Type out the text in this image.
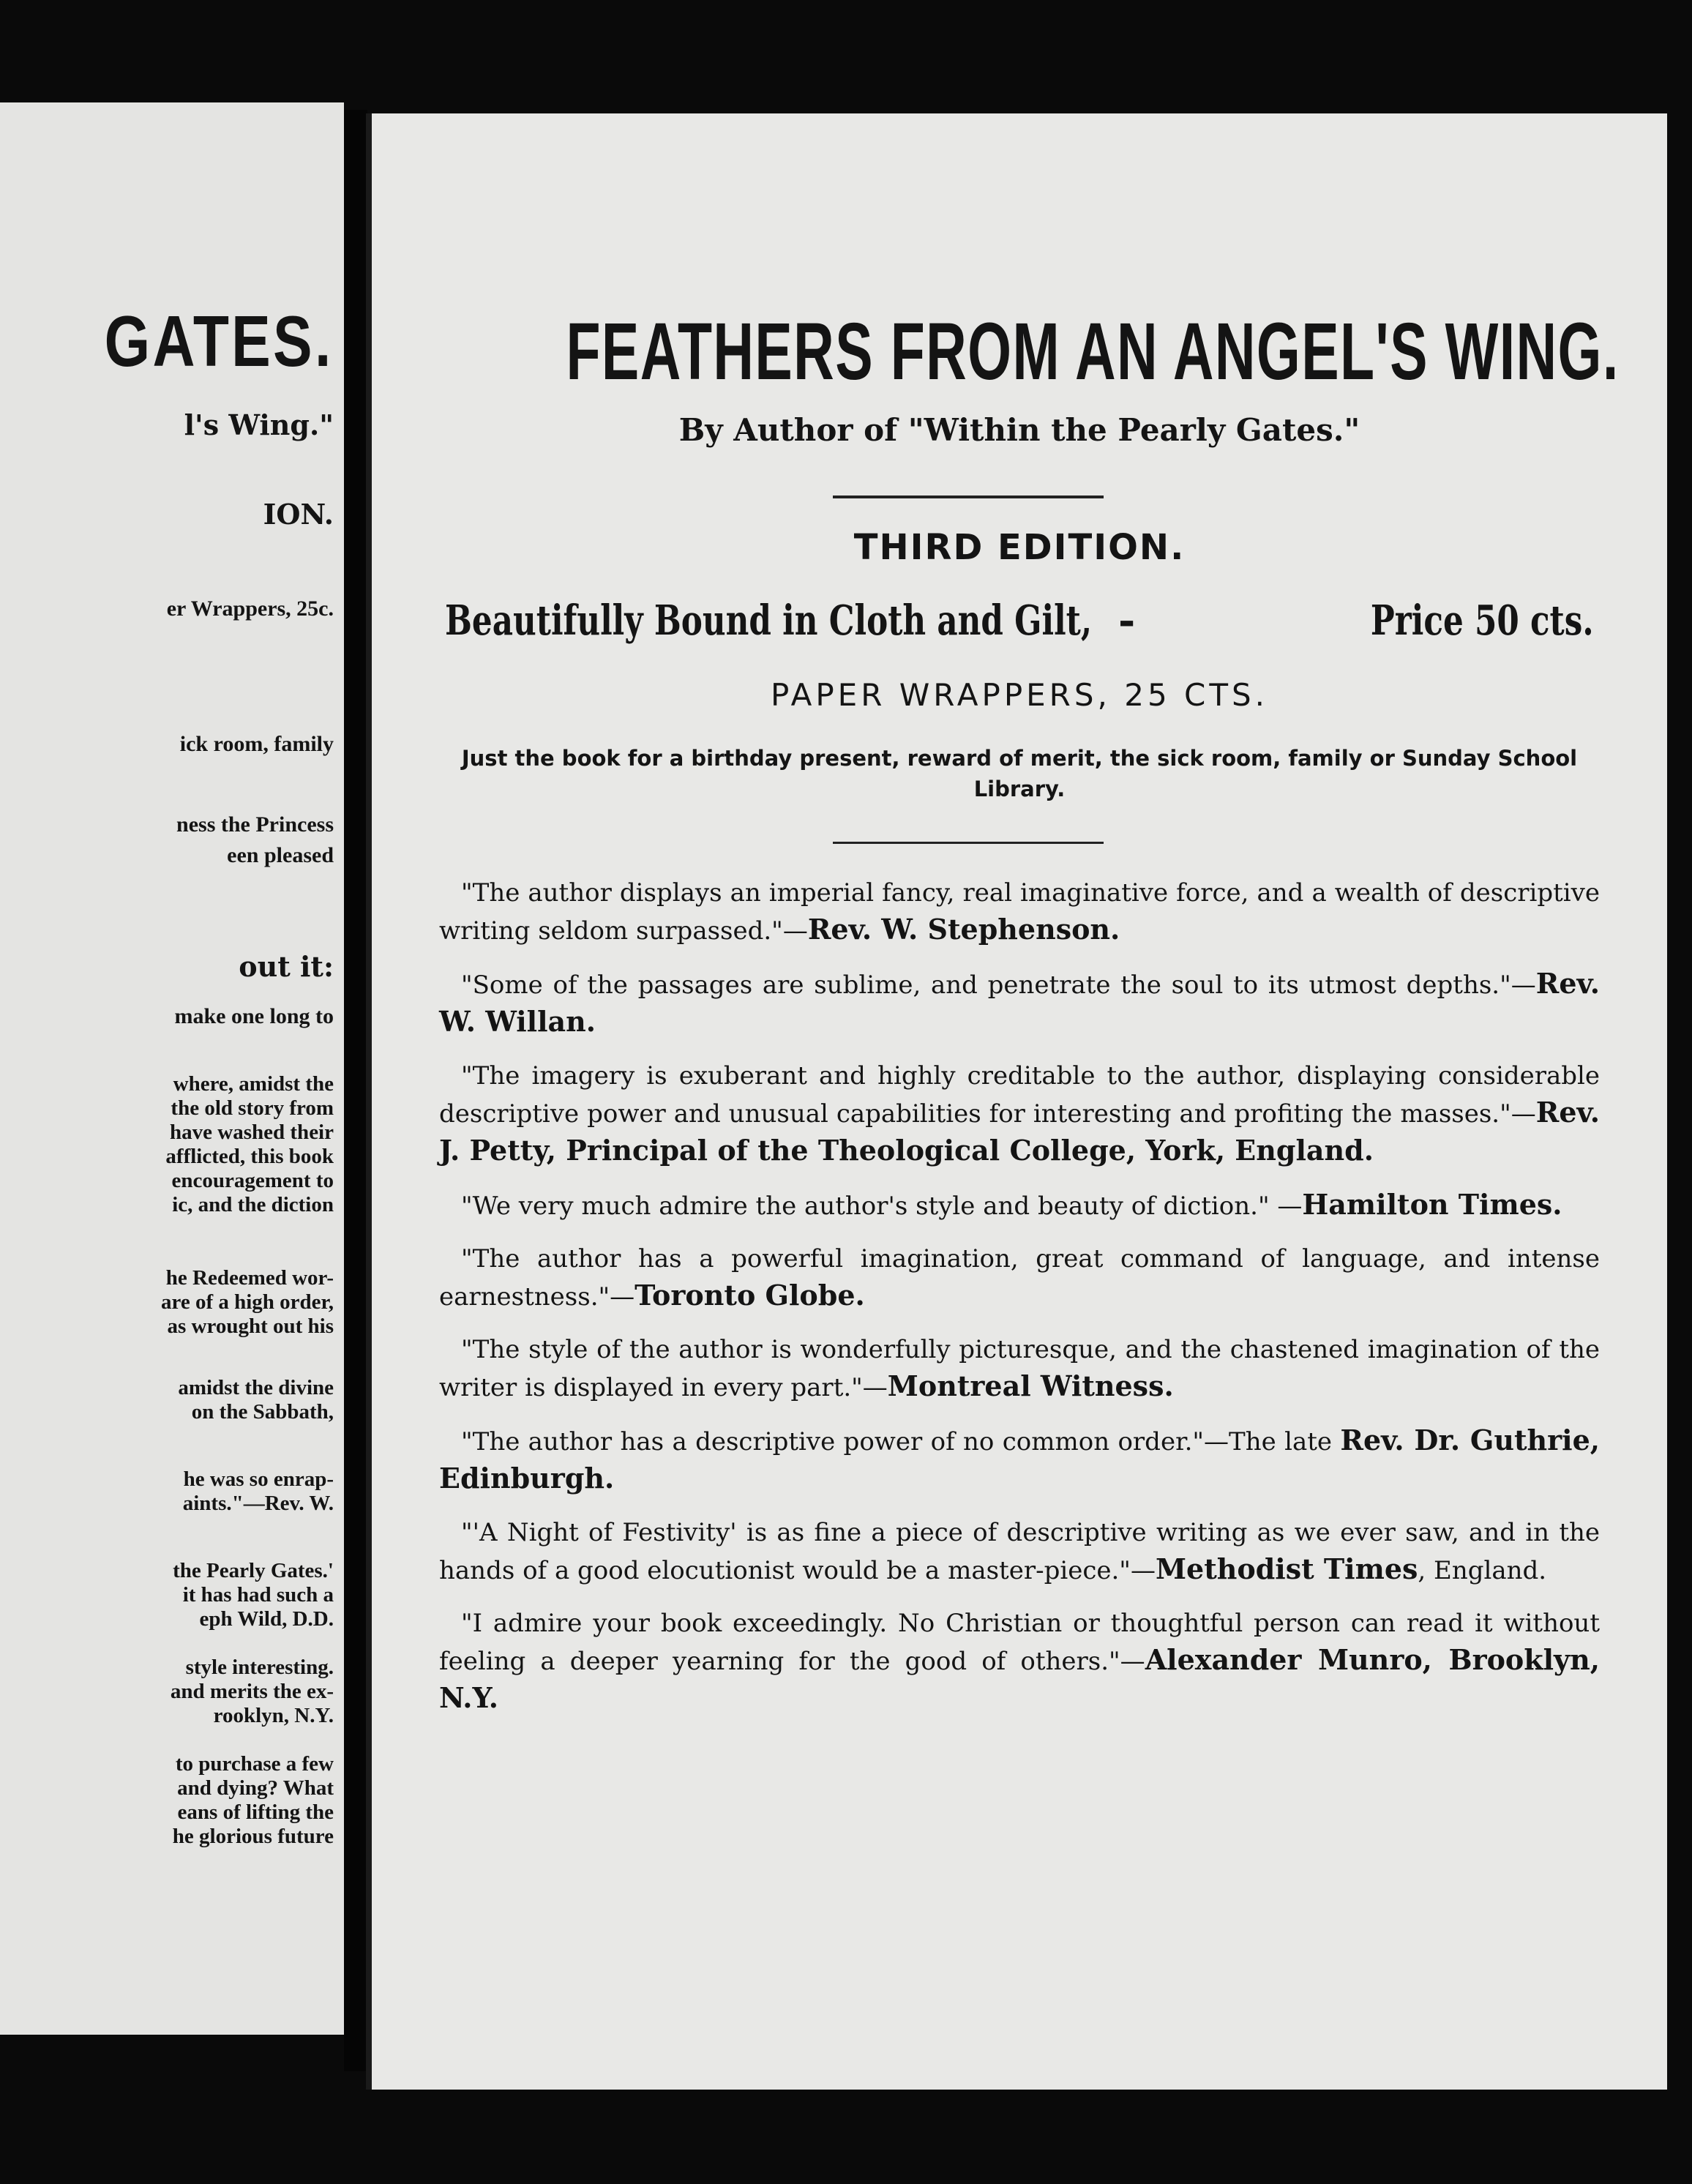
GATES.
l's Wing."
ION.
er Wrappers, 25c.
ick room, family
ness the Princess
een pleased
out it:
make one long to
where, amidst the
the old story from
have washed their
afflicted, this book
encouragement to
ic, and the diction
he Redeemed wor-
are of a high order,
as wrought out his
amidst the divine
on the Sabbath,
he was so enrap-
aints."—Rev. W.
the Pearly Gates.'
it has had such a
eph Wild, D.D.
style interesting.
and merits the ex-
rooklyn, N.Y.
to purchase a few
and dying? What
eans of lifting the
he glorious future
FEATHERS FROM AN ANGEL'S WING.
By Author of "Within the Pearly Gates."
THIRD EDITION.
Beautifully Bound in Cloth and Gilt, -	Price 50 cts.
PAPER WRAPPERS, 25 CTS.
Just the book for a birthday present, reward of merit, the sick room, family or Sunday School Library.

"The author displays an imperial fancy, real imaginative force, and a wealth of descriptive writing seldom surpassed."—Rev. W. Stephenson.

"Some of the passages are sublime, and penetrate the soul to its utmost depths."—Rev. W. Willan.

"The imagery is exuberant and highly creditable to the author, displaying considerable descriptive power and unusual capabilities for interesting and profiting the masses."—Rev. J. Petty, Principal of the Theological College, York, England.

"We very much admire the author's style and beauty of diction." —Hamilton Times.

"The author has a powerful imagination, great command of language, and intense earnestness."—Toronto Globe.

"The style of the author is wonderfully picturesque, and the chastened imagination of the writer is displayed in every part."—Montreal Witness.

"The author has a descriptive power of no common order."—The late Rev. Dr. Guthrie, Edinburgh.

"'A Night of Festivity' is as fine a piece of descriptive writing as we ever saw, and in the hands of a good elocutionist would be a master-piece."—Methodist Times, England.

"I admire your book exceedingly. No Christian or thoughtful person can read it without feeling a deeper yearning for the good of others."—Alexander Munro, Brooklyn, N.Y.
